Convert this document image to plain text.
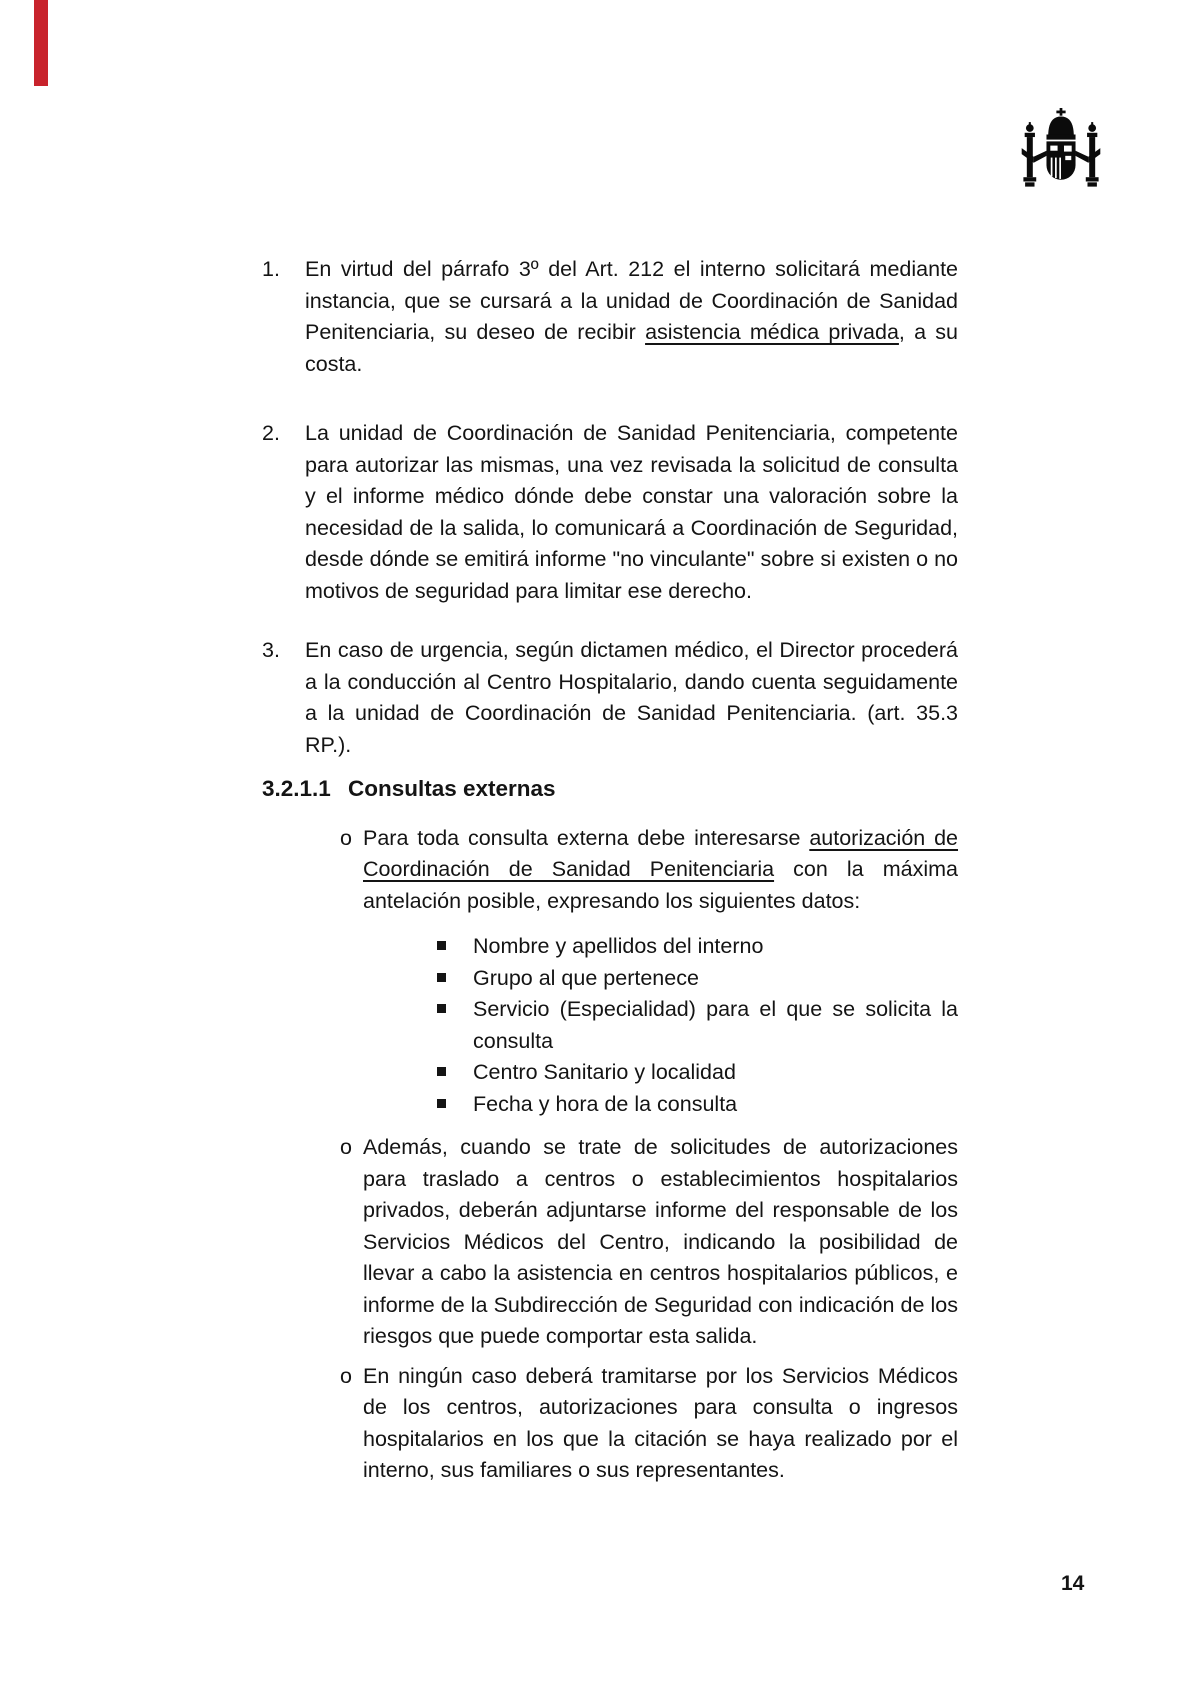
1.	En virtud del párrafo 3º del Art. 212 el interno solicitará mediante instancia, que se cursará a la unidad de Coordinación de Sanidad Penitenciaria, su deseo de recibir asistencia médica privada, a su costa.
2.	La unidad de Coordinación de Sanidad Penitenciaria, competente para autorizar las mismas, una vez revisada la solicitud de consulta y el informe médico dónde debe constar una valoración sobre la necesidad de la salida, lo comunicará a Coordinación de Seguridad, desde dónde se emitirá informe "no vinculante" sobre si existen o no motivos de seguridad para limitar ese derecho.
3.	En caso de urgencia, según dictamen médico, el Director procederá a la conducción al Centro Hospitalario, dando cuenta seguidamente a la unidad de Coordinación de Sanidad Penitenciaria. (art. 35.3 RP.).
3.2.1.1 Consultas externas
o Para toda consulta externa debe interesarse autorización de Coordinación de Sanidad Penitenciaria con la máxima antelación posible, expresando los siguientes datos:
Nombre y apellidos del interno
Grupo al que pertenece
Servicio (Especialidad) para el que se solicita la consulta
Centro Sanitario y localidad
Fecha y hora de la consulta
o Además, cuando se trate de solicitudes de autorizaciones para traslado a centros o establecimientos hospitalarios privados, deberán adjuntarse informe del responsable de los Servicios Médicos del Centro, indicando la posibilidad de llevar a cabo la asistencia en centros hospitalarios públicos, e informe de la Subdirección de Seguridad con indicación de los riesgos que puede comportar esta salida.
o En ningún caso deberá tramitarse por los Servicios Médicos de los centros, autorizaciones para consulta o ingresos hospitalarios en los que la citación se haya realizado por el interno, sus familiares o sus representantes.
14
